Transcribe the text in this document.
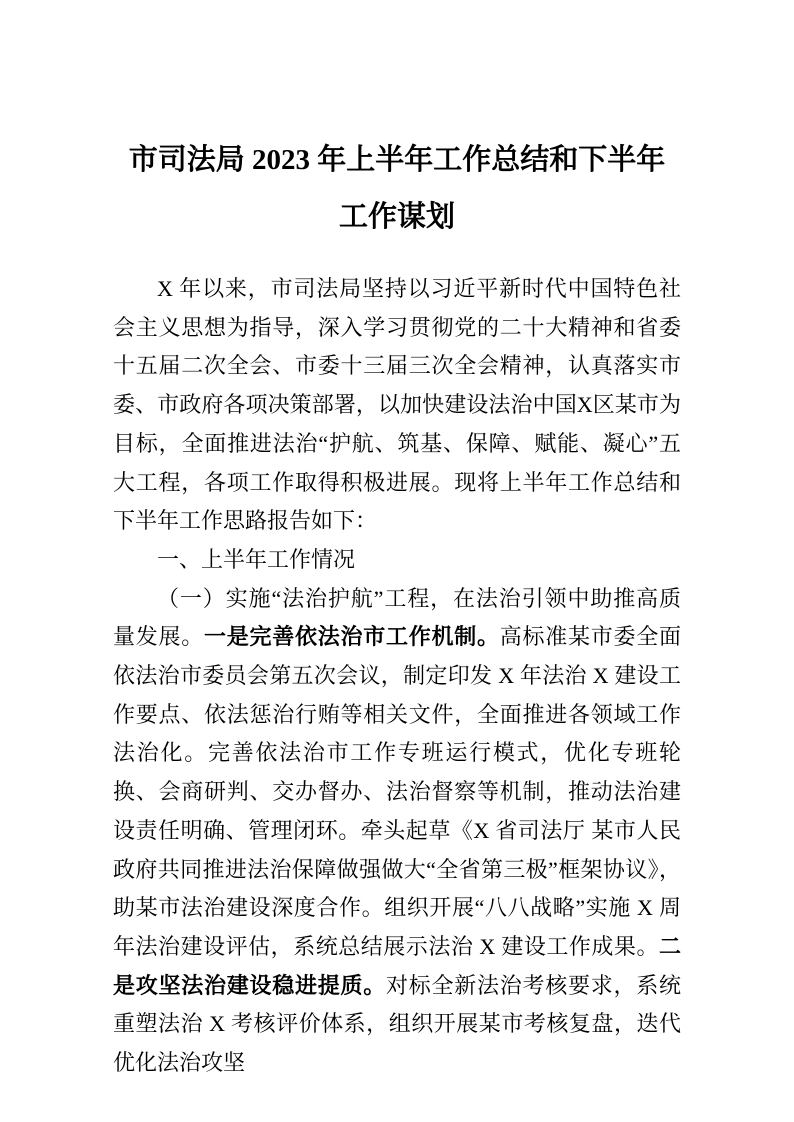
市司法局 2023 年上半年工作总结和下半年
工作谋划

X 年以来，市司法局坚持以习近平新时代中国特色社会主义思想为指导，深入学习贯彻党的二十大精神和省委十五届二次全会、市委十三届三次全会精神，认真落实市委、市政府各项决策部署，以加快建设法治中国X区某市为目标，全面推进法治“护航、筑基、保障、赋能、凝心”五大工程，各项工作取得积极进展。现将上半年工作总结和下半年工作思路报告如下：

一、上半年工作情况

（一）实施“法治护航”工程，在法治引领中助推高质量发展。一是完善依法治市工作机制。高标准某市委全面依法治市委员会第五次会议，制定印发 X 年法治 X 建设工作要点、依法惩治行贿等相关文件，全面推进各领域工作法治化。完善依法治市工作专班运行模式，优化专班轮换、会商研判、交办督办、法治督察等机制，推动法治建设责任明确、管理闭环。牵头起草《X 省司法厅 某市人民政府共同推进法治保障做强做大“全省第三极”框架协议》，助某市法治建设深度合作。组织开展“八八战略”实施 X 周年法治建设评估，系统总结展示法治 X 建设工作成果。二是攻坚法治建设稳进提质。对标全新法治考核要求，系统重塑法治 X 考核评价体系，组织开展某市考核复盘，迭代优化法治攻坚
